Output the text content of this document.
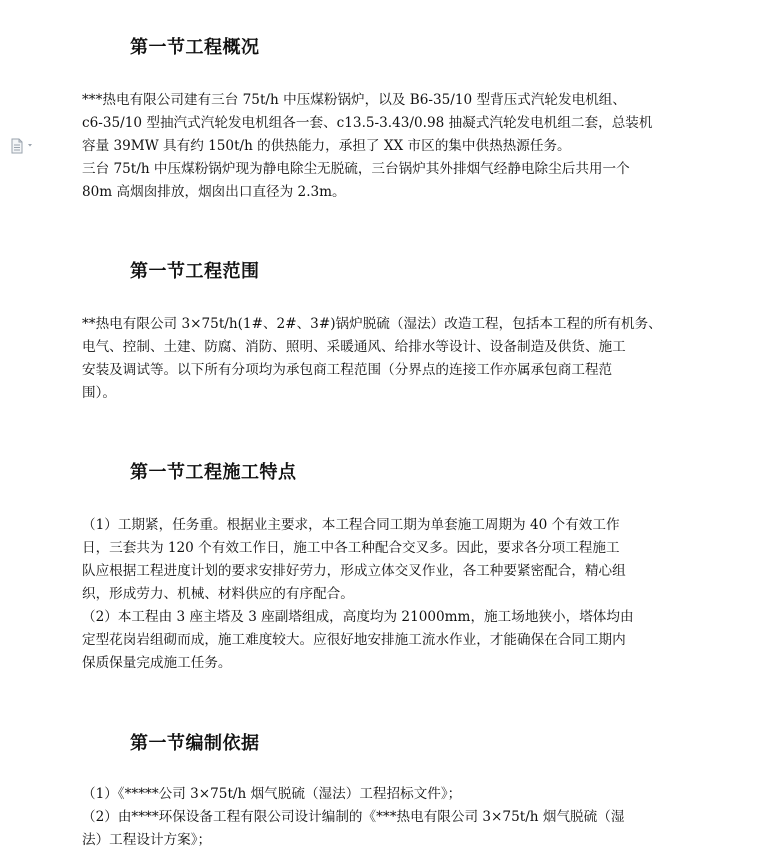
第一节工程概况

***热电有限公司建有三台 75t/h 中压煤粉锅炉，以及 B6-35/10 型背压式汽轮发电机组、

c6-35/10 型抽汽式汽轮发电机组各一套、c13.5-3.43/0.98 抽凝式汽轮发电机组二套，总装机

容量 39MW 具有约 150t/h 的供热能力，承担了 XX 市区的集中供热热源任务。

三台 75t/h 中压煤粉锅炉现为静电除尘无脱硫，三台锅炉其外排烟气经静电除尘后共用一个

80m 高烟囱排放，烟囱出口直径为 2.3m。

第一节工程范围

**热电有限公司 3×75t/h(1#、2#、3#)锅炉脱硫（湿法）改造工程，包括本工程的所有机务、

电气、控制、土建、防腐、消防、照明、采暖通风、给排水等设计、设备制造及供货、施工

安装及调试等。以下所有分项均为承包商工程范围（分界点的连接工作亦属承包商工程范

围）。

第一节工程施工特点

（1）工期紧，任务重。根据业主要求，本工程合同工期为单套施工周期为 40 个有效工作

日，三套共为 120 个有效工作日，施工中各工种配合交叉多。因此，要求各分项工程施工

队应根据工程进度计划的要求安排好劳力，形成立体交叉作业，各工种要紧密配合，精心组

织，形成劳力、机械、材料供应的有序配合。

（2）本工程由 3 座主塔及 3 座副塔组成，高度均为 21000mm，施工场地狭小，塔体均由

定型花岗岩组砌而成，施工难度较大。应很好地安排施工流水作业，才能确保在合同工期内

保质保量完成施工任务。

第一节编制依据

（1）《*****公司 3×75t/h 烟气脱硫（湿法）工程招标文件》；

（2）由****环保设备工程有限公司设计编制的《***热电有限公司 3×75t/h 烟气脱硫（湿

法）工程设计方案》；
